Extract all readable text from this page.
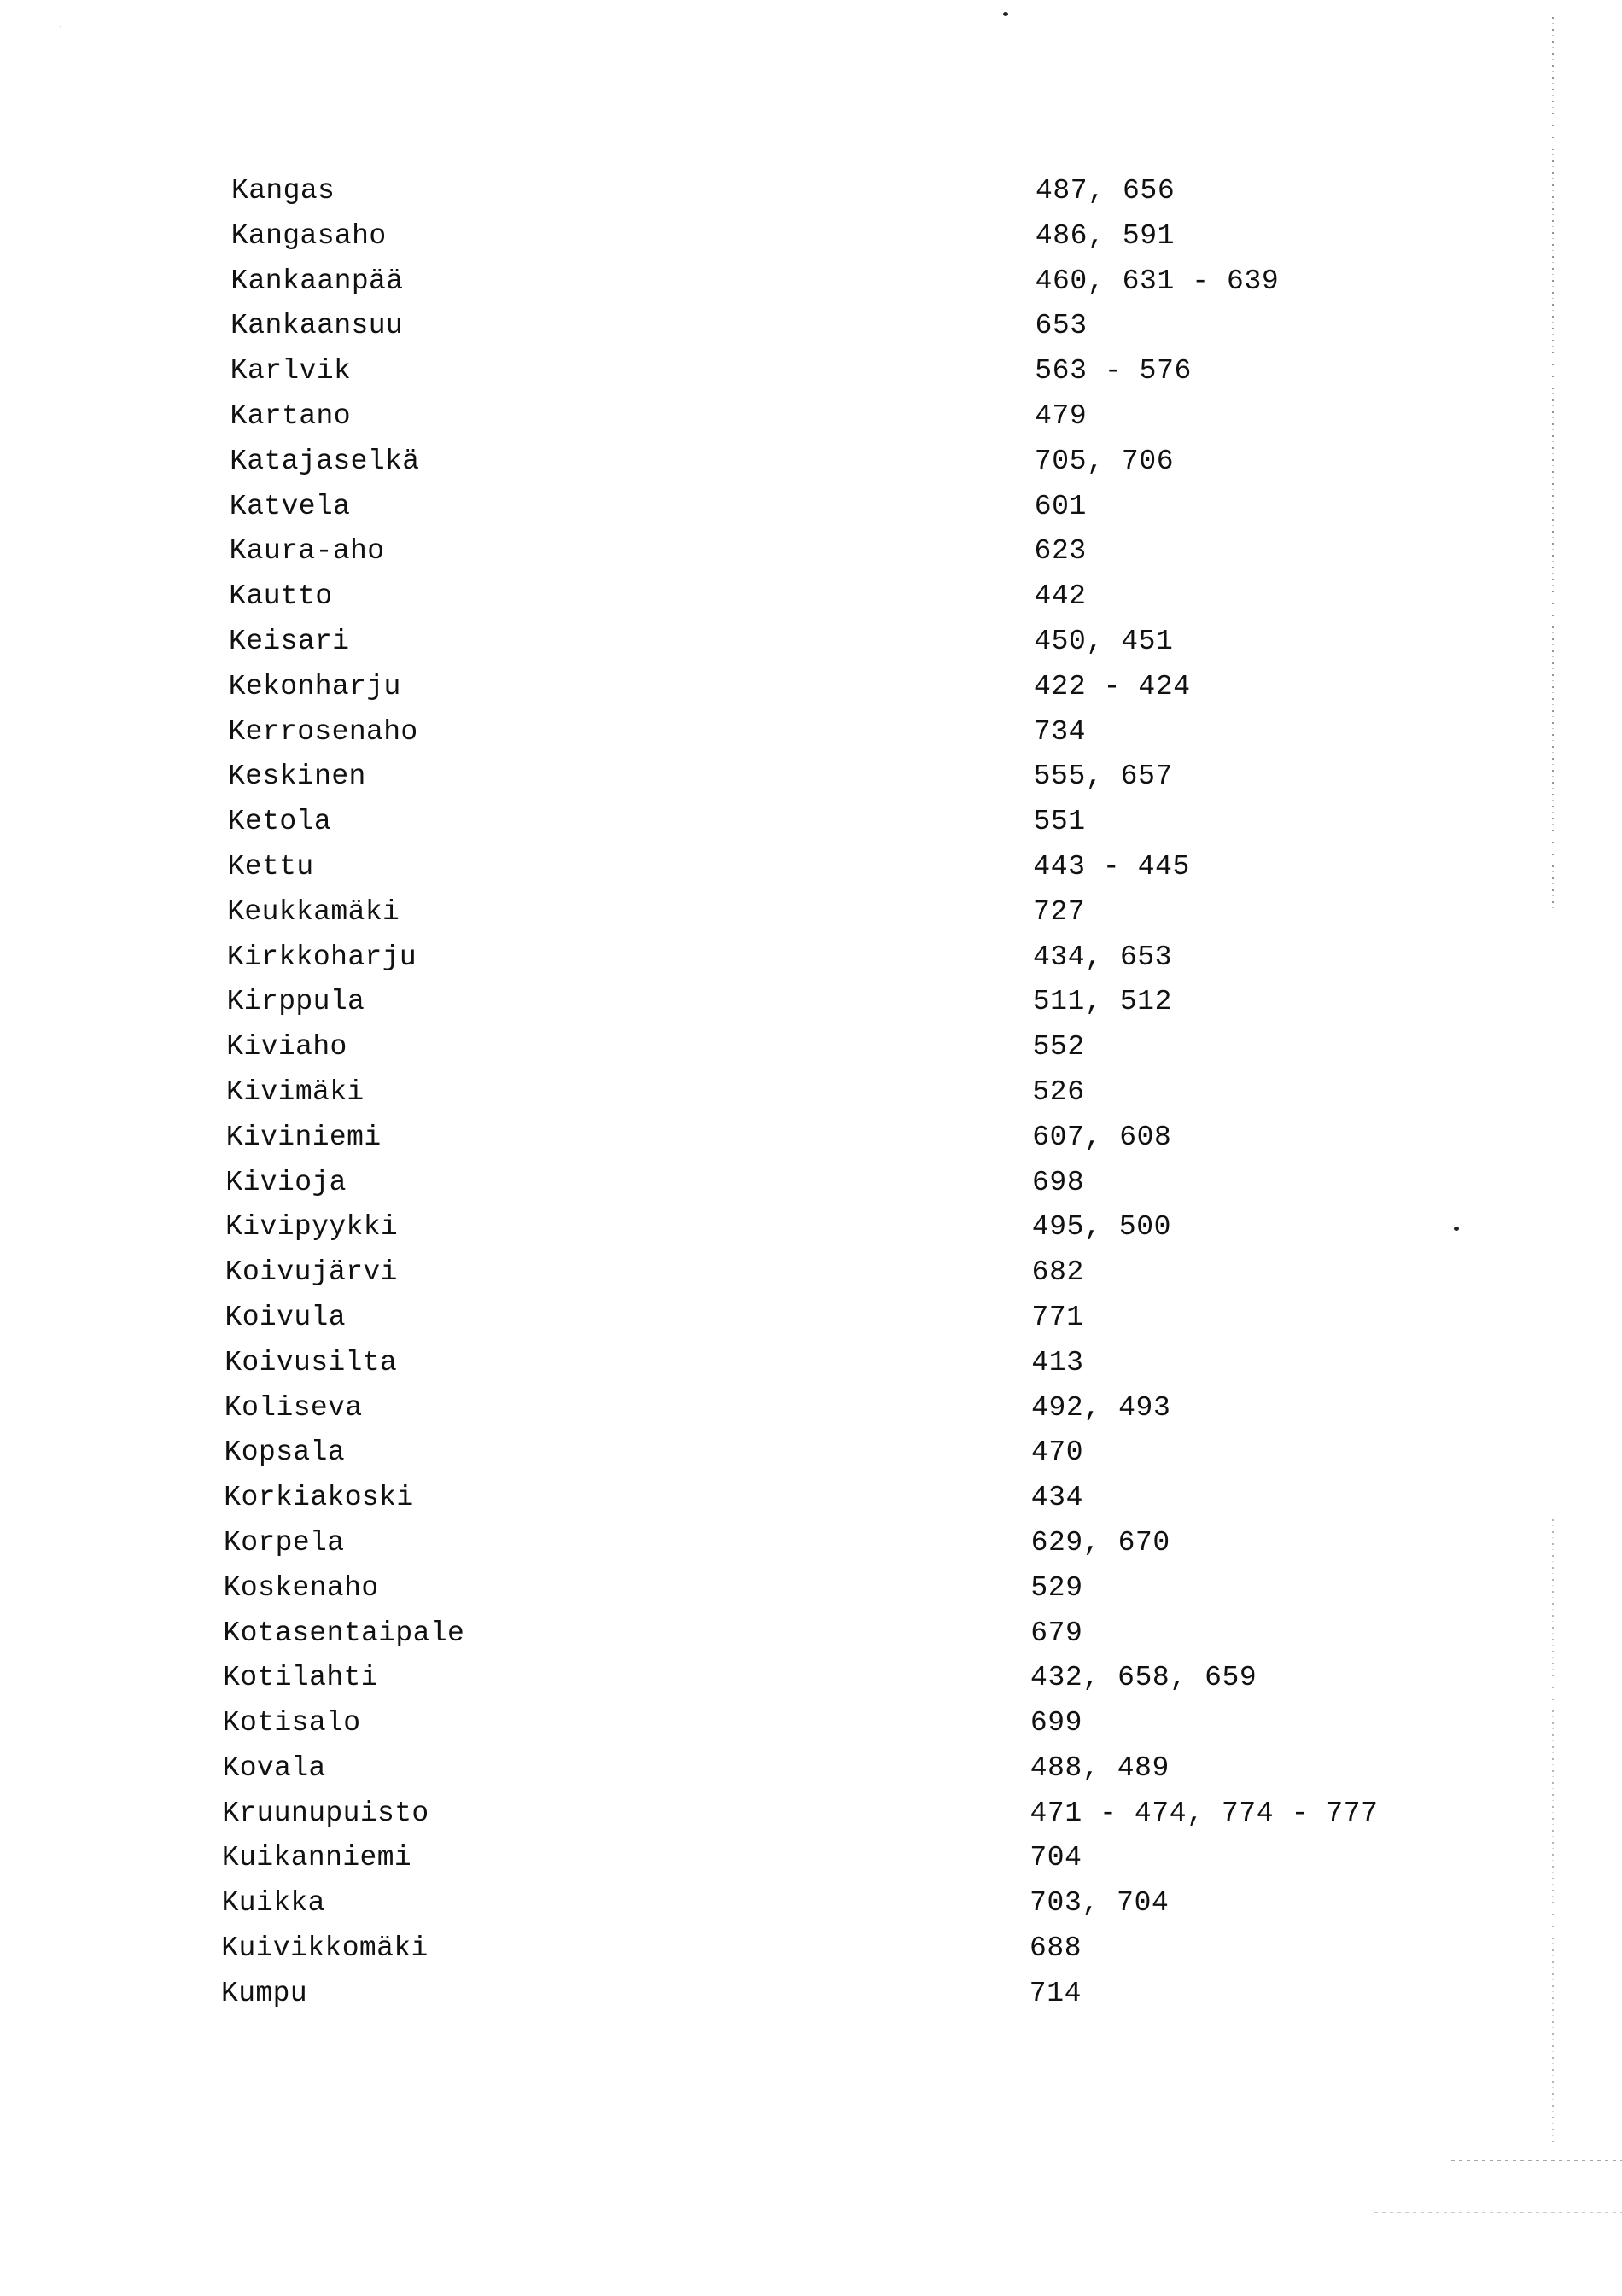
Kangas	487, 656
Kangasaho	486, 591
Kankaanpää	460, 631 - 639
Kankaansuu	653
Karlvik	563 - 576
Kartano	479
Katajaselkä	705, 706
Katvela	601
Kaura-aho	623
Kautto	442
Keisari	450, 451
Kekonharju	422 - 424
Kerrosenaho	734
Keskinen	555, 657
Ketola	551
Kettu	443 - 445
Keukkamäki	727
Kirkkoharju	434, 653
Kirppula	511, 512
Kiviaho	552
Kivimäki	526
Kiviniemi	607, 608
Kivioja	698
Kivipyykki	495, 500
Koivujärvi	682
Koivula	771
Koivusilta	413
Koliseva	492, 493
Kopsala	470
Korkiakoski	434
Korpela	629, 670
Koskenaho	529
Kotasentaipale	679
Kotilahti	432, 658, 659
Kotisalo	699
Kovala	488, 489
Kruunupuisto	471 - 474, 774 - 777
Kuikanniemi	704
Kuikka	703, 704
Kuivikkomäki	688
Kumpu	714
